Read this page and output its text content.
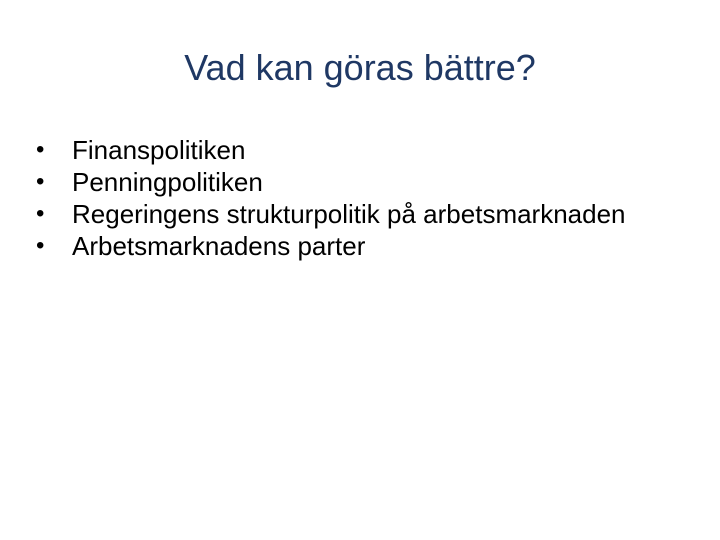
Vad kan göras bättre?
•	Finanspolitiken
•	Penningpolitiken
•	Regeringens strukturpolitik på arbetsmarknaden
•	Arbetsmarknadens parter
